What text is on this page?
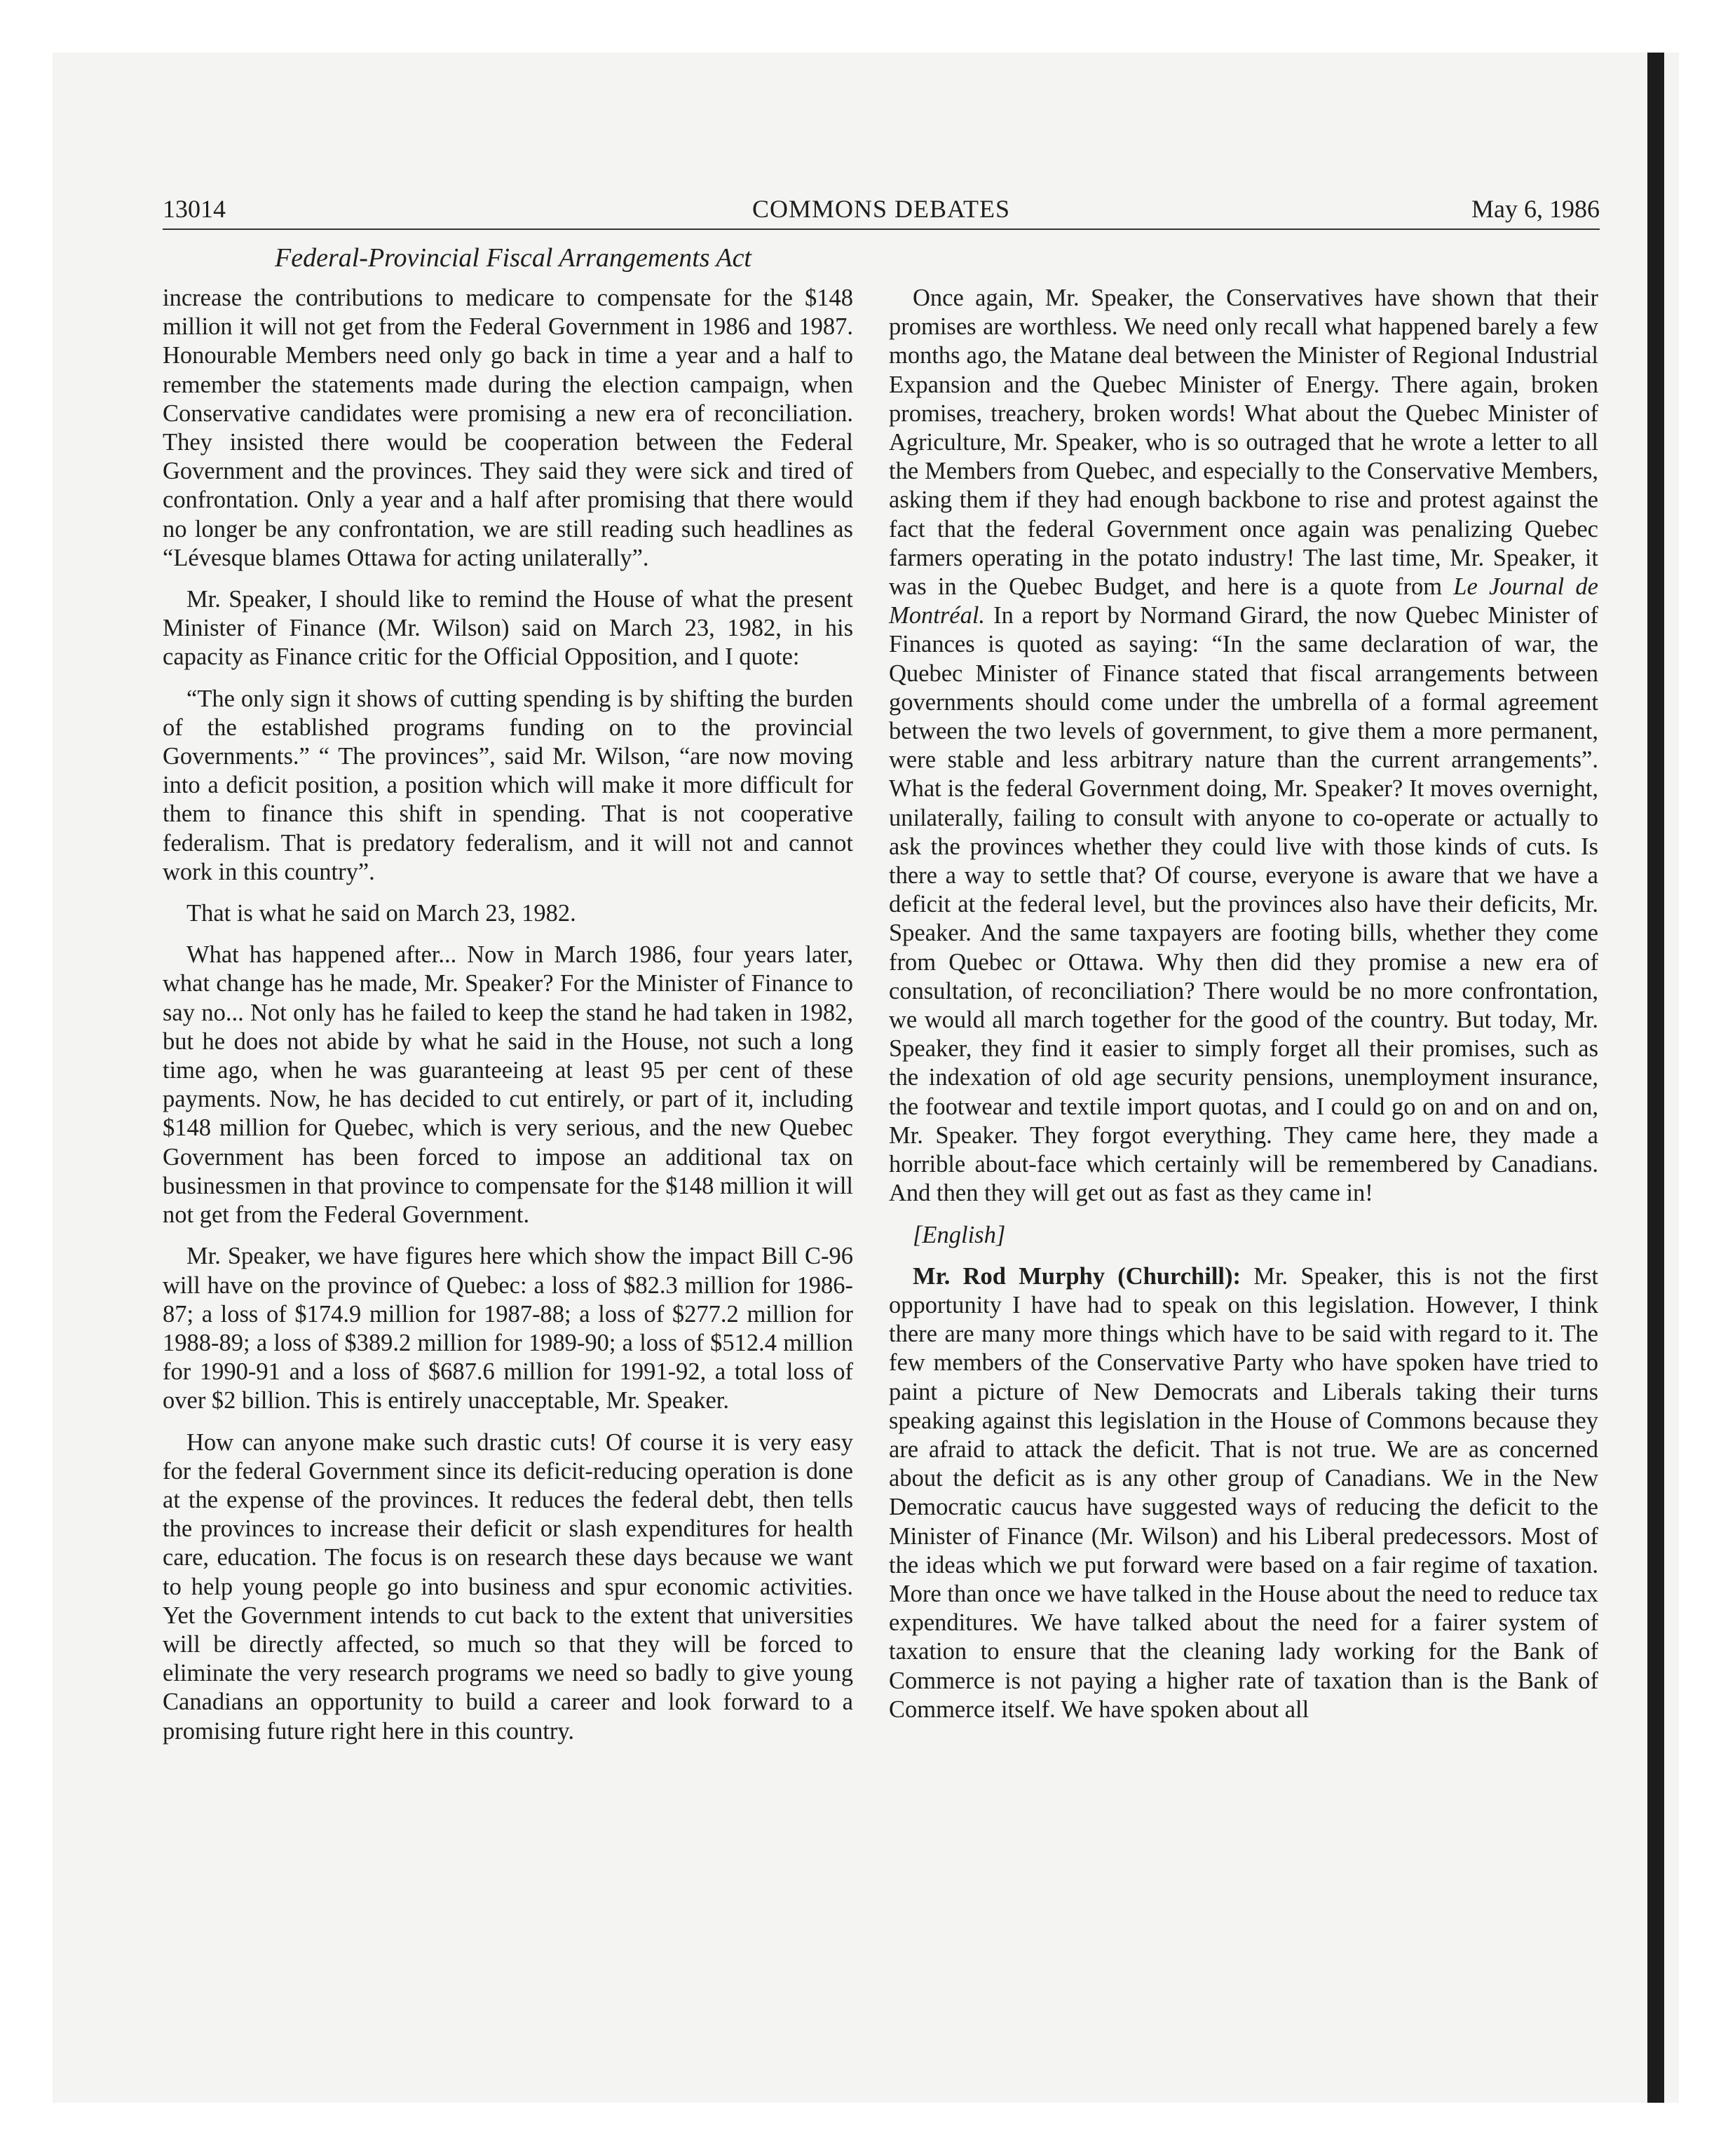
13014	COMMONS DEBATES	May 6, 1986
Federal-Provincial Fiscal Arrangements Act

increase the contributions to medicare to compensate for the $148 million it will not get from the Federal Government in 1986 and 1987. Honourable Members need only go back in time a year and a half to remember the statements made during the election campaign, when Conservative candidates were promising a new era of reconciliation. They insisted there would be cooperation between the Federal Government and the provinces. They said they were sick and tired of confrontation. Only a year and a half after promising that there would no longer be any confrontation, we are still reading such headlines as “Lévesque blames Ottawa for acting unilaterally”.

Mr. Speaker, I should like to remind the House of what the present Minister of Finance (Mr. Wilson) said on March 23, 1982, in his capacity as Finance critic for the Official Opposition, and I quote:

“The only sign it shows of cutting spending is by shifting the burden of the established programs funding on to the provincial Governments.” “ The provinces”, said Mr. Wilson, “are now moving into a deficit position, a position which will make it more difficult for them to finance this shift in spending. That is not cooperative federalism. That is predatory federalism, and it will not and cannot work in this country”.

That is what he said on March 23, 1982.

What has happened after... Now in March 1986, four years later, what change has he made, Mr. Speaker? For the Minister of Finance to say no... Not only has he failed to keep the stand he had taken in 1982, but he does not abide by what he said in the House, not such a long time ago, when he was guaranteeing at least 95 per cent of these payments. Now, he has decided to cut entirely, or part of it, including $148 million for Quebec, which is very serious, and the new Quebec Government has been forced to impose an additional tax on businessmen in that province to compensate for the $148 million it will not get from the Federal Government.

Mr. Speaker, we have figures here which show the impact Bill C-96 will have on the province of Quebec: a loss of $82.3 million for 1986-87; a loss of $174.9 million for 1987-88; a loss of $277.2 million for 1988-89; a loss of $389.2 million for 1989-90; a loss of $512.4 million for 1990-91 and a loss of $687.6 million for 1991-92, a total loss of over $2 billion. This is entirely unacceptable, Mr. Speaker.

How can anyone make such drastic cuts! Of course it is very easy for the federal Government since its deficit-reducing operation is done at the expense of the provinces. It reduces the federal debt, then tells the provinces to increase their deficit or slash expenditures for health care, education. The focus is on research these days because we want to help young people go into business and spur economic activities. Yet the Government intends to cut back to the extent that universities will be directly affected, so much so that they will be forced to eliminate the very research programs we need so badly to give young Canadians an opportunity to build a career and look forward to a promising future right here in this country.

Once again, Mr. Speaker, the Conservatives have shown that their promises are worthless. We need only recall what happened barely a few months ago, the Matane deal between the Minister of Regional Industrial Expansion and the Quebec Minister of Energy. There again, broken promises, treachery, broken words! What about the Quebec Minister of Agriculture, Mr. Speaker, who is so outraged that he wrote a letter to all the Members from Quebec, and especially to the Conservative Members, asking them if they had enough backbone to rise and protest against the fact that the federal Government once again was penalizing Quebec farmers operating in the potato industry! The last time, Mr. Speaker, it was in the Quebec Budget, and here is a quote from Le Journal de Montréal. In a report by Normand Girard, the now Quebec Minister of Finances is quoted as saying: “In the same declaration of war, the Quebec Minister of Finance stated that fiscal arrangements between governments should come under the umbrella of a formal agreement between the two levels of government, to give them a more permanent, were stable and less arbitrary nature than the current arrangements”. What is the federal Government doing, Mr. Speaker? It moves overnight, unilaterally, failing to consult with anyone to co-operate or actually to ask the provinces whether they could live with those kinds of cuts. Is there a way to settle that? Of course, everyone is aware that we have a deficit at the federal level, but the provinces also have their deficits, Mr. Speaker. And the same taxpayers are footing bills, whether they come from Quebec or Ottawa. Why then did they promise a new era of consultation, of reconciliation? There would be no more confrontation, we would all march together for the good of the country. But today, Mr. Speaker, they find it easier to simply forget all their promises, such as the indexation of old age security pensions, unemployment insurance, the footwear and textile import quotas, and I could go on and on and on, Mr. Speaker. They forgot everything. They came here, they made a horrible about-face which certainly will be remembered by Canadians. And then they will get out as fast as they came in!

[English]

Mr. Rod Murphy (Churchill): Mr. Speaker, this is not the first opportunity I have had to speak on this legislation. However, I think there are many more things which have to be said with regard to it. The few members of the Conservative Party who have spoken have tried to paint a picture of New Democrats and Liberals taking their turns speaking against this legislation in the House of Commons because they are afraid to attack the deficit. That is not true. We are as concerned about the deficit as is any other group of Canadians. We in the New Democratic caucus have suggested ways of reducing the deficit to the Minister of Finance (Mr. Wilson) and his Liberal predecessors. Most of the ideas which we put forward were based on a fair regime of taxation. More than once we have talked in the House about the need to reduce tax expenditures. We have talked about the need for a fairer system of taxation to ensure that the cleaning lady working for the Bank of Commerce is not paying a higher rate of taxation than is the Bank of Commerce itself. We have spoken about all
